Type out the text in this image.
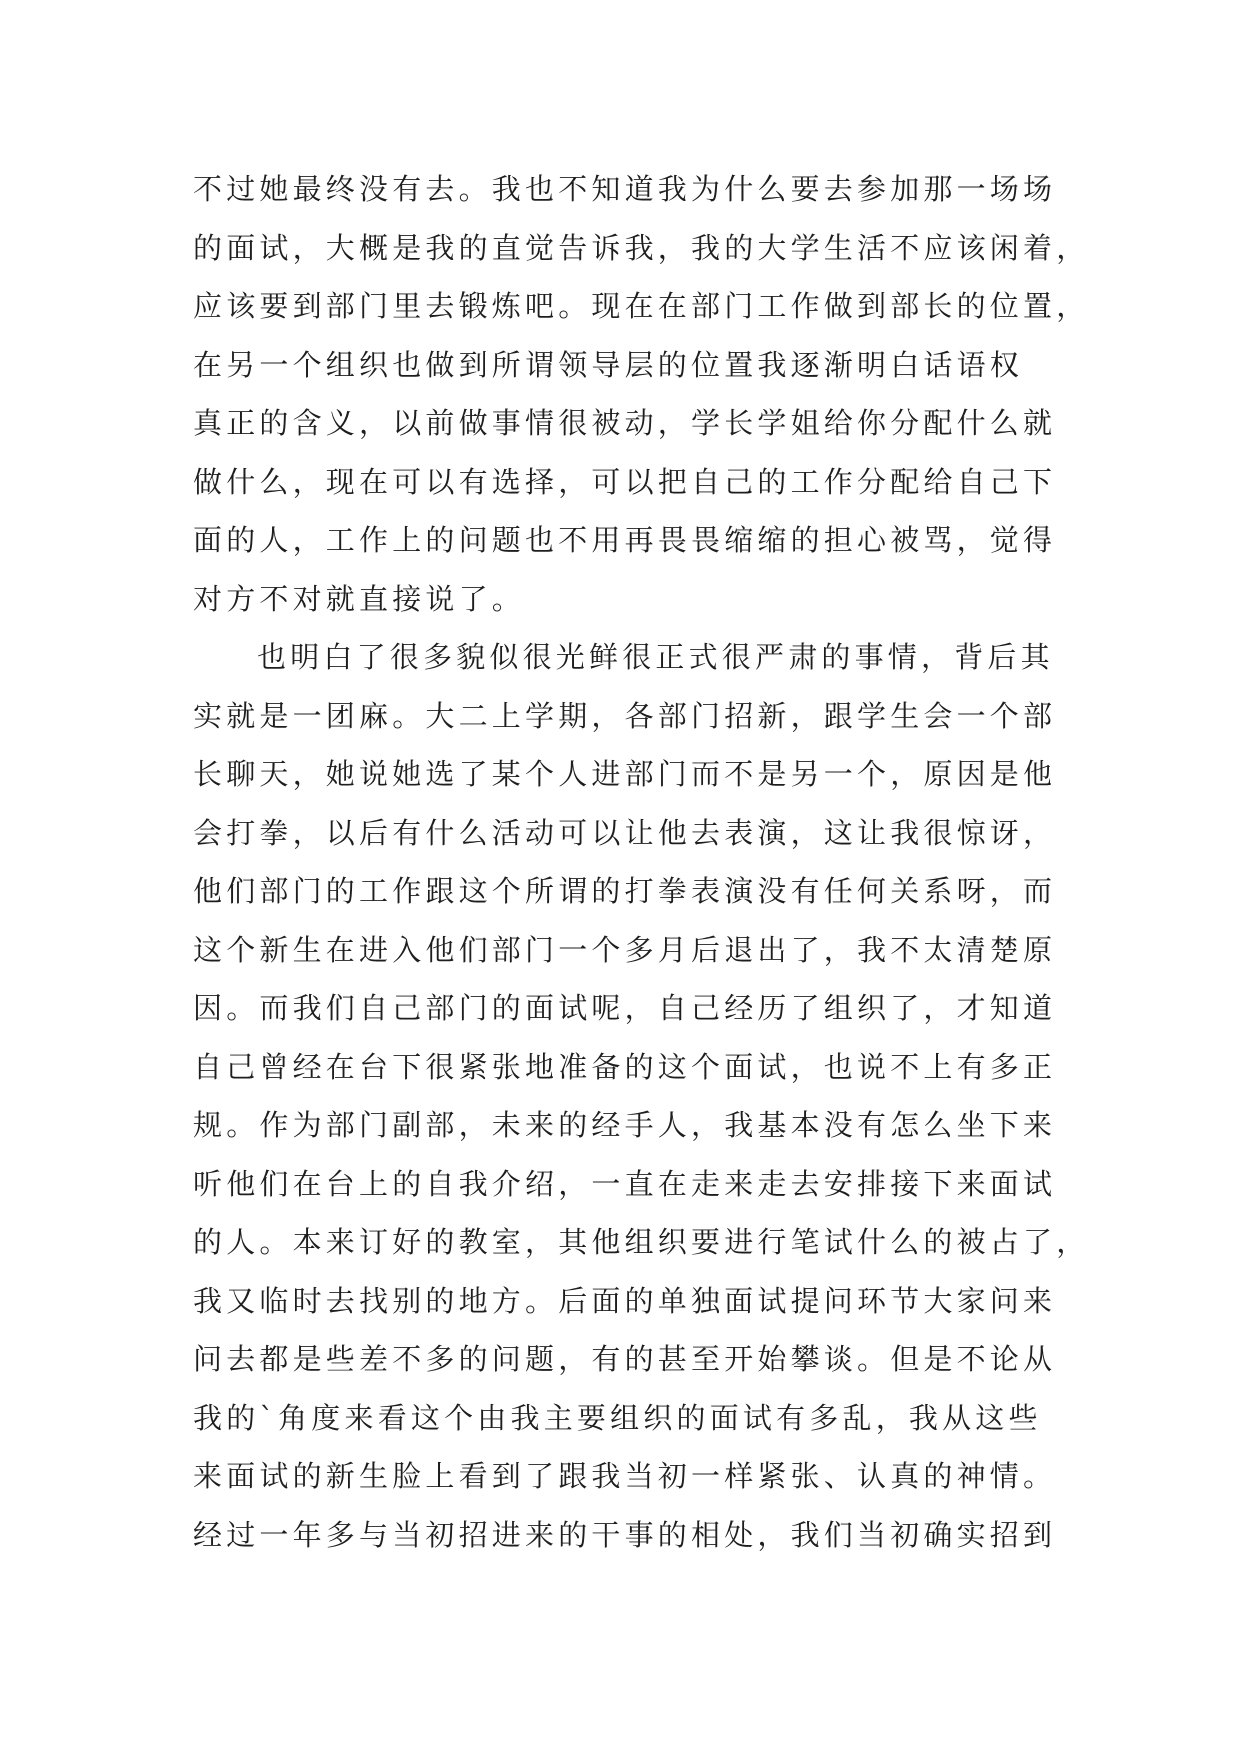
不过她最终没有去。我也不知道我为什么要去参加那一场场
的面试，大概是我的直觉告诉我，我的大学生活不应该闲着，
应该要到部门里去锻炼吧。现在在部门工作做到部长的位置，
在另一个组织也做到所谓领导层的位置我逐渐明白话语权
真正的含义，以前做事情很被动，学长学姐给你分配什么就
做什么，现在可以有选择，可以把自己的工作分配给自己下
面的人，工作上的问题也不用再畏畏缩缩的担心被骂，觉得
对方不对就直接说了。
也明白了很多貌似很光鲜很正式很严肃的事情，背后其
实就是一团麻。大二上学期，各部门招新，跟学生会一个部
长聊天，她说她选了某个人进部门而不是另一个，原因是他
会打拳，以后有什么活动可以让他去表演，这让我很惊讶，
他们部门的工作跟这个所谓的打拳表演没有任何关系呀，而
这个新生在进入他们部门一个多月后退出了，我不太清楚原
因。而我们自己部门的面试呢，自己经历了组织了，才知道
自己曾经在台下很紧张地准备的这个面试，也说不上有多正
规。作为部门副部，未来的经手人，我基本没有怎么坐下来
听他们在台上的自我介绍，一直在走来走去安排接下来面试
的人。本来订好的教室，其他组织要进行笔试什么的被占了，
我又临时去找别的地方。后面的单独面试提问环节大家问来
问去都是些差不多的问题，有的甚至开始攀谈。但是不论从
我的`角度来看这个由我主要组织的面试有多乱，我从这些
来面试的新生脸上看到了跟我当初一样紧张、认真的神情。
经过一年多与当初招进来的干事的相处，我们当初确实招到
